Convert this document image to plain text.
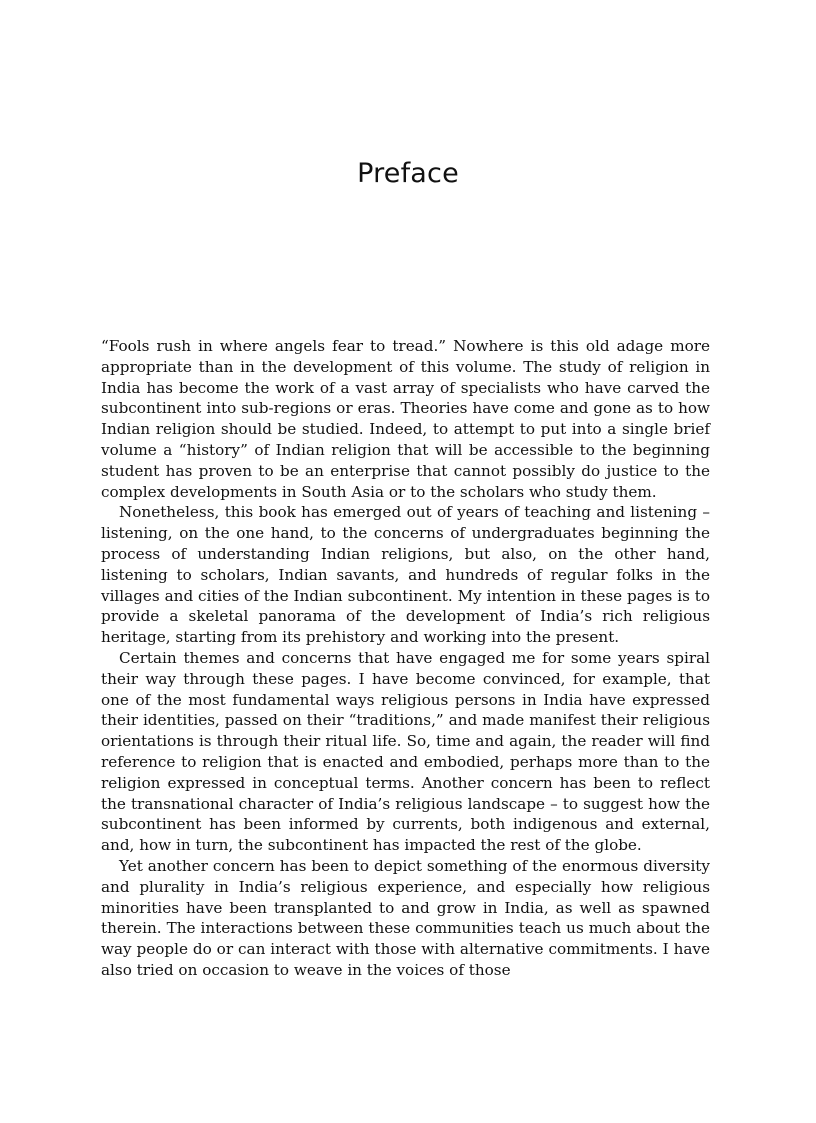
Preface

“Fools rush in where angels fear to tread.” Nowhere is this old adage more appropriate than in the development of this volume. The study of religion in India has become the work of a vast array of specialists who have carved the subcontinent into sub-regions or eras. Theories have come and gone as to how Indian religion should be studied. Indeed, to attempt to put into a single brief volume a “history” of Indian religion that will be accessible to the beginning student has proven to be an enterprise that cannot possibly do justice to the complex developments in South Asia or to the scholars who study them.

Nonetheless, this book has emerged out of years of teaching and listening – listening, on the one hand, to the concerns of undergraduates beginning the process of understanding Indian religions, but also, on the other hand, listening to scholars, Indian savants, and hundreds of regular folks in the villages and cities of the Indian subcontinent. My intention in these pages is to provide a skeletal panorama of the development of India’s rich religious heritage, starting from its prehistory and working into the present.

Certain themes and concerns that have engaged me for some years spiral their way through these pages. I have become convinced, for example, that one of the most fundamental ways religious persons in India have expressed their identities, passed on their “traditions,” and made manifest their religious orientations is through their ritual life. So, time and again, the reader will find reference to religion that is enacted and embodied, perhaps more than to the religion expressed in conceptual terms. Another concern has been to reflect the transnational character of India’s religious landscape – to suggest how the subcontinent has been informed by currents, both indigenous and external, and, how in turn, the subcontinent has impacted the rest of the globe.

Yet another concern has been to depict something of the enormous diversity and plurality in India’s religious experience, and especially how religious minorities have been transplanted to and grow in India, as well as spawned therein. The interactions between these communities teach us much about the way people do or can interact with those with alternative commitments. I have also tried on occasion to weave in the voices of those
